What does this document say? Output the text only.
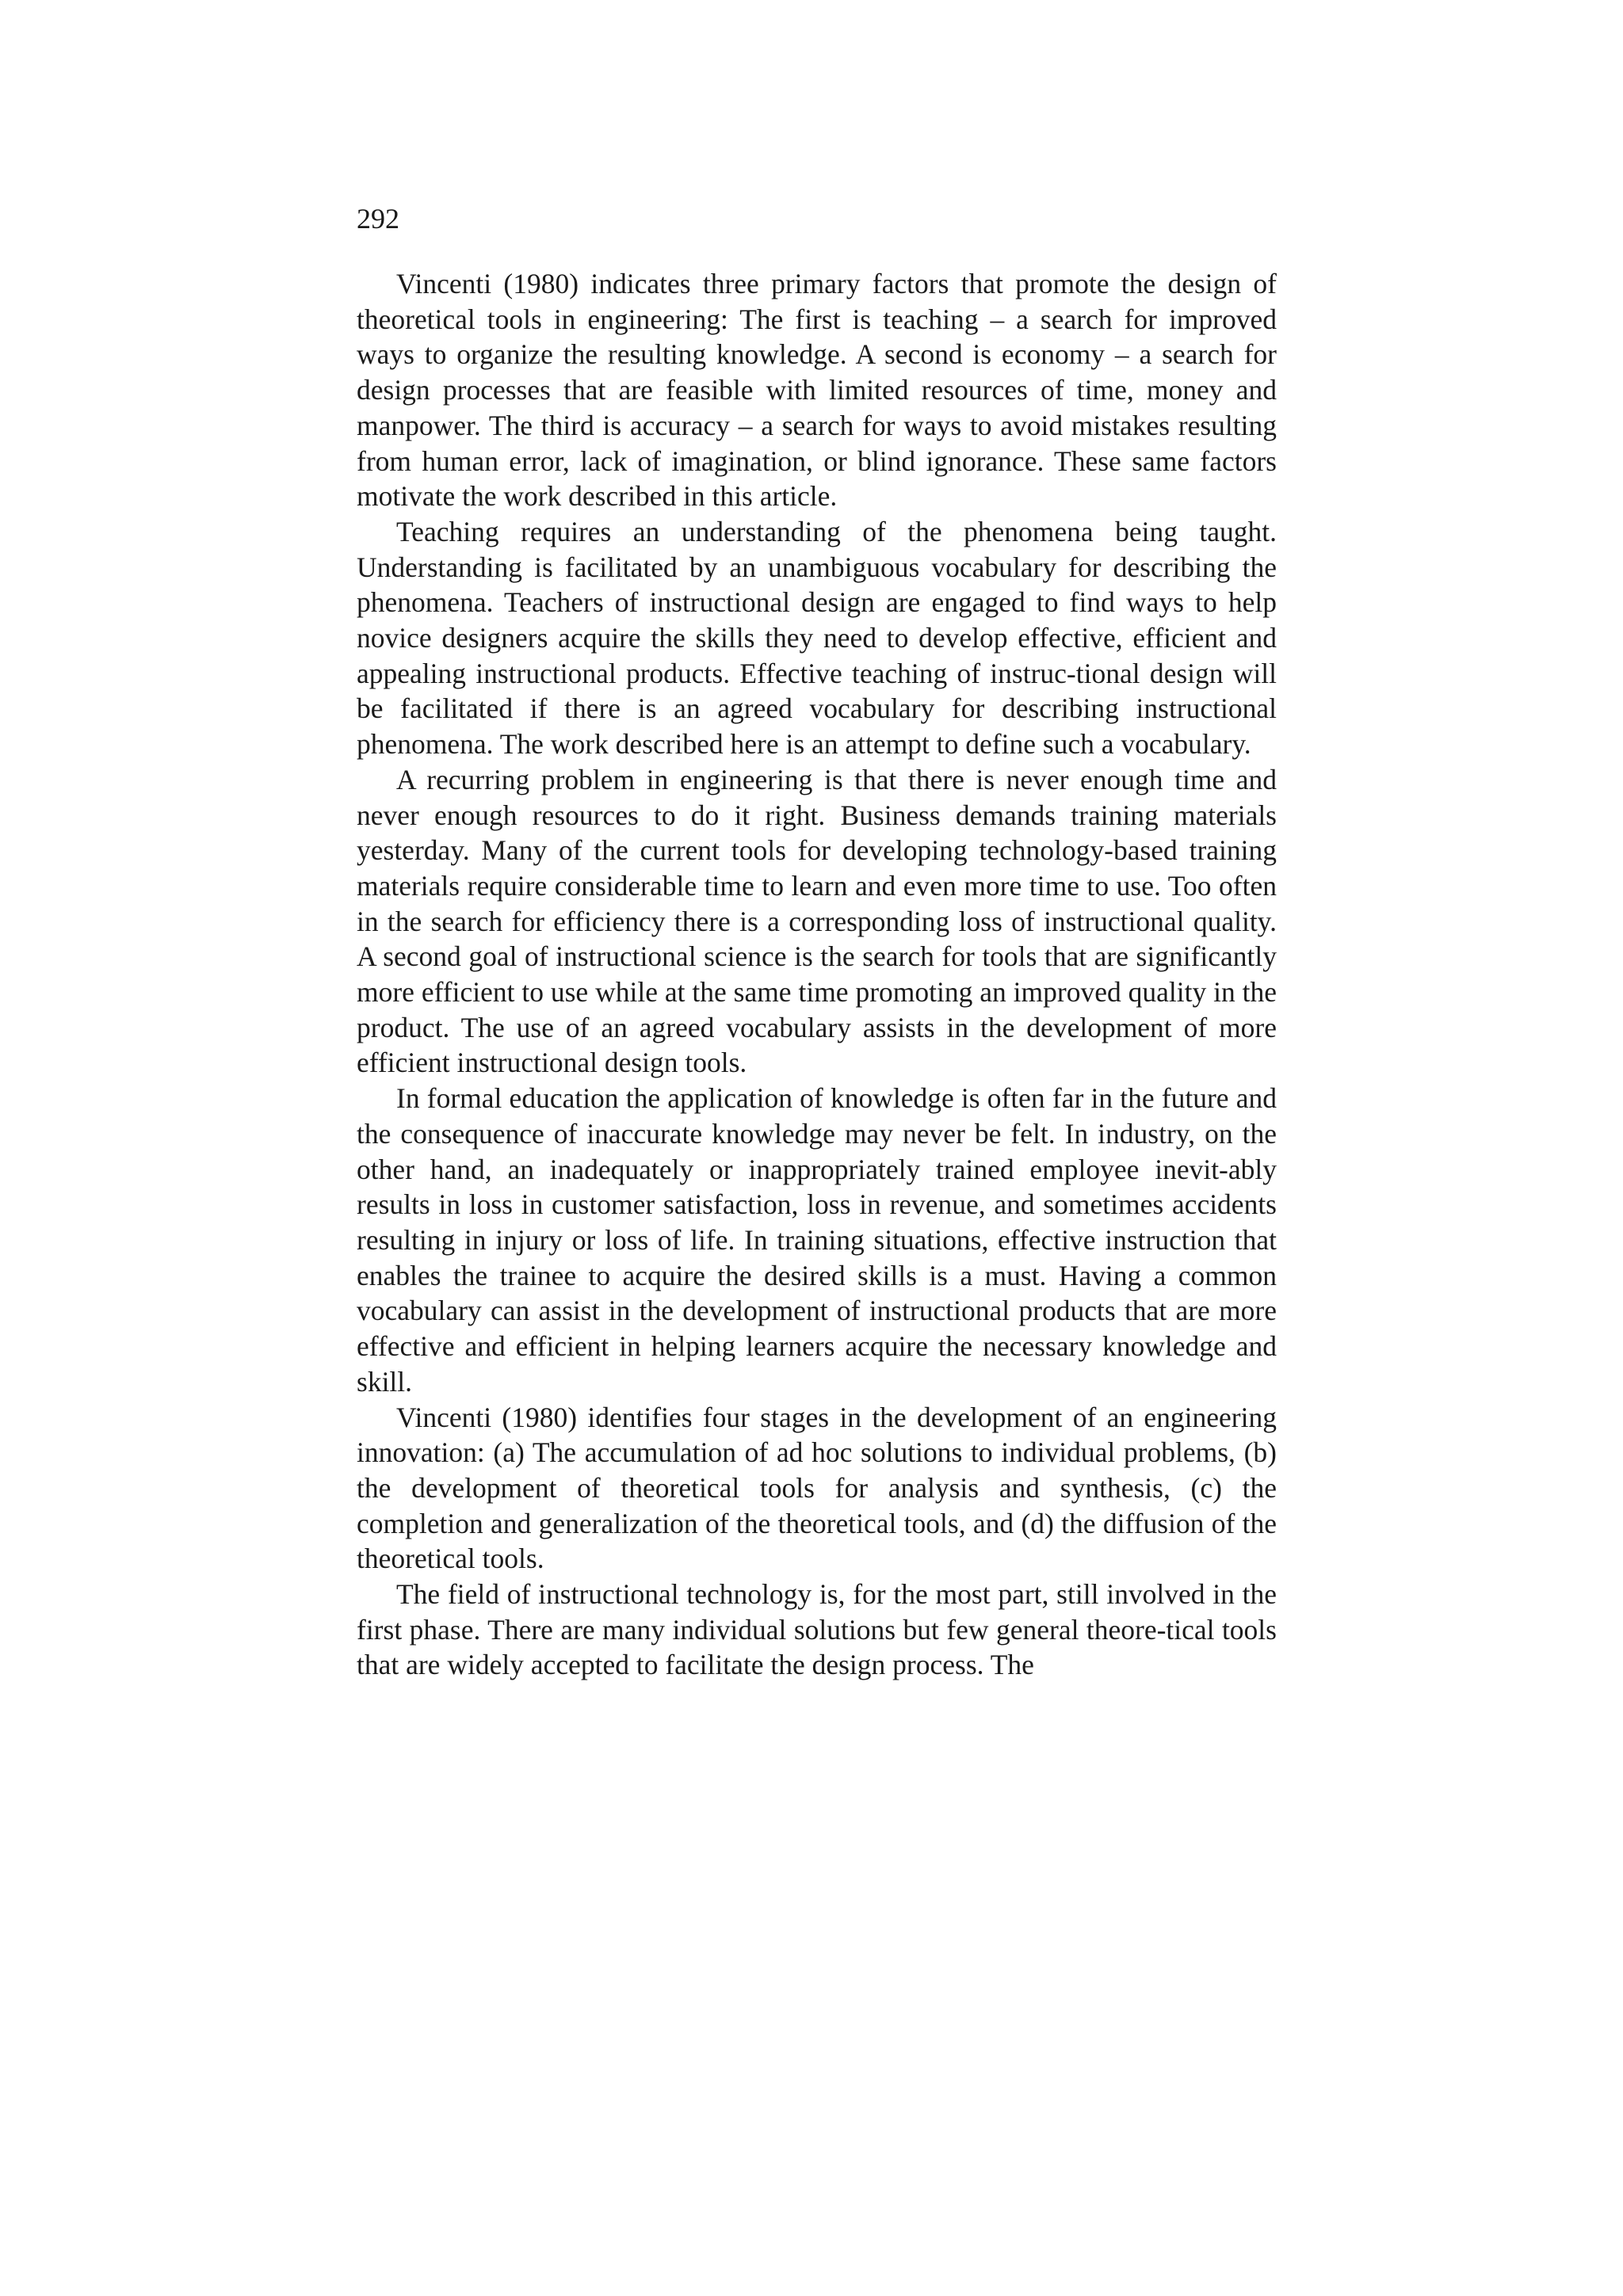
292

Vincenti (1980) indicates three primary factors that promote the design of theoretical tools in engineering: The first is teaching – a search for improved ways to organize the resulting knowledge. A second is economy – a search for design processes that are feasible with limited resources of time, money and manpower. The third is accuracy – a search for ways to avoid mistakes resulting from human error, lack of imagination, or blind ignorance. These same factors motivate the work described in this article.

Teaching requires an understanding of the phenomena being taught. Understanding is facilitated by an unambiguous vocabulary for describing the phenomena. Teachers of instructional design are engaged to find ways to help novice designers acquire the skills they need to develop effective, efficient and appealing instructional products. Effective teaching of instruc-tional design will be facilitated if there is an agreed vocabulary for describing instructional phenomena. The work described here is an attempt to define such a vocabulary.

A recurring problem in engineering is that there is never enough time and never enough resources to do it right. Business demands training materials yesterday. Many of the current tools for developing technology-based training materials require considerable time to learn and even more time to use. Too often in the search for efficiency there is a corresponding loss of instructional quality. A second goal of instructional science is the search for tools that are significantly more efficient to use while at the same time promoting an improved quality in the product. The use of an agreed vocabulary assists in the development of more efficient instructional design tools.

In formal education the application of knowledge is often far in the future and the consequence of inaccurate knowledge may never be felt. In industry, on the other hand, an inadequately or inappropriately trained employee inevit-ably results in loss in customer satisfaction, loss in revenue, and sometimes accidents resulting in injury or loss of life. In training situations, effective instruction that enables the trainee to acquire the desired skills is a must. Having a common vocabulary can assist in the development of instructional products that are more effective and efficient in helping learners acquire the necessary knowledge and skill.

Vincenti (1980) identifies four stages in the development of an engineering innovation: (a) The accumulation of ad hoc solutions to individual problems, (b) the development of theoretical tools for analysis and synthesis, (c) the completion and generalization of the theoretical tools, and (d) the diffusion of the theoretical tools.

The field of instructional technology is, for the most part, still involved in the first phase. There are many individual solutions but few general theore-tical tools that are widely accepted to facilitate the design process. The
